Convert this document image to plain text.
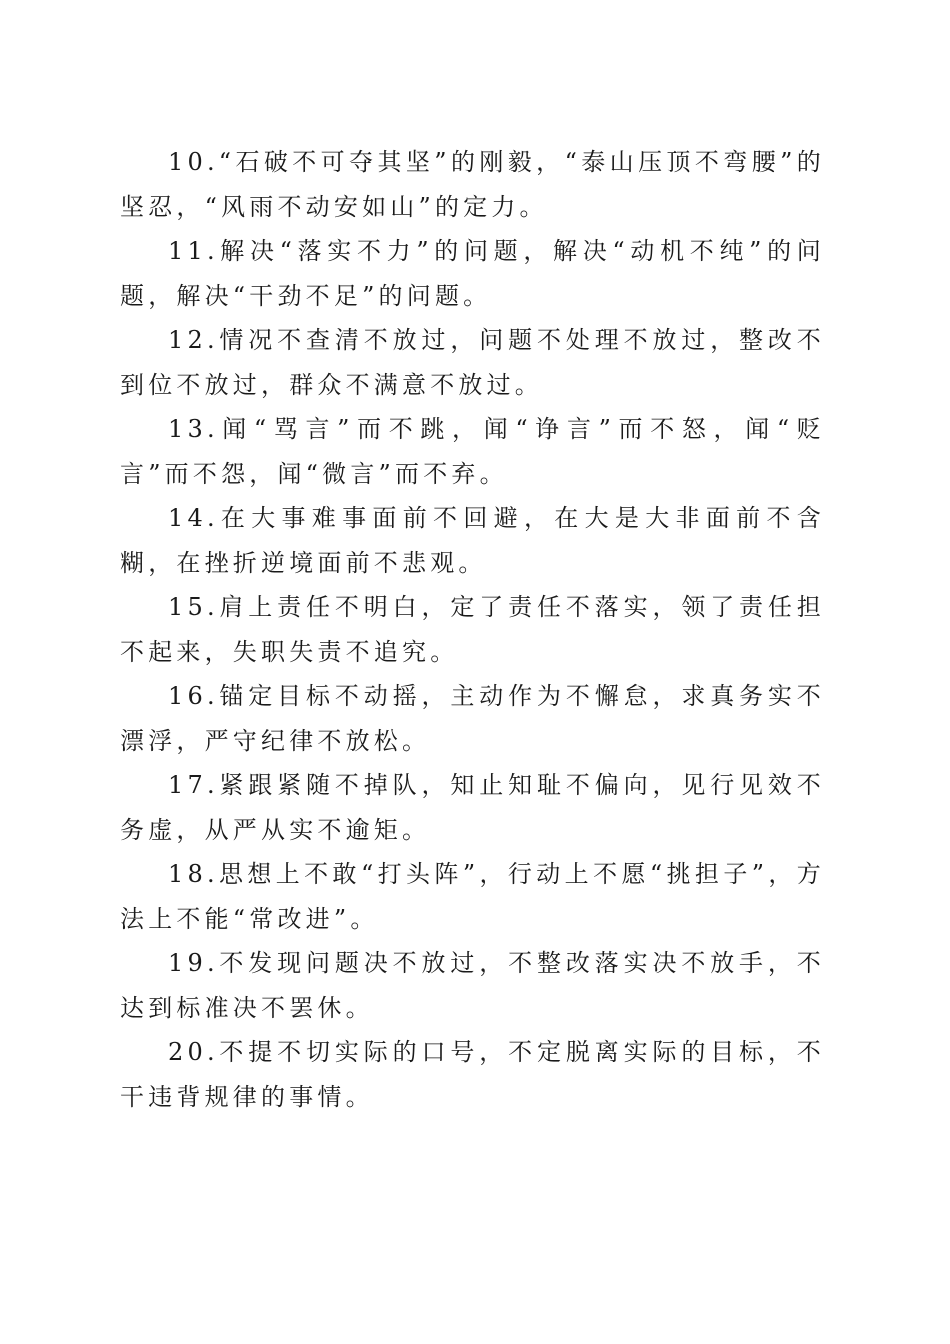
10.“石破不可夺其坚”的刚毅，“泰山压顶不弯腰”的坚忍，“风雨不动安如山”的定力。

11.解决“落实不力”的问题，解决“动机不纯”的问题，解决“干劲不足”的问题。

12.情况不查清不放过，问题不处理不放过，整改不到位不放过，群众不满意不放过。

13.闻“骂言”而不跳，闻“诤言”而不怒，闻“贬言”而不怨，闻“微言”而不弃。

14.在大事难事面前不回避，在大是大非面前不含糊，在挫折逆境面前不悲观。

15.肩上责任不明白，定了责任不落实，领了责任担不起来，失职失责不追究。

16.锚定目标不动摇，主动作为不懈怠，求真务实不漂浮，严守纪律不放松。

17.紧跟紧随不掉队，知止知耻不偏向，见行见效不务虚，从严从实不逾矩。

18.思想上不敢“打头阵”，行动上不愿“挑担子”，方法上不能“常改进”。

19.不发现问题决不放过，不整改落实决不放手，不达到标准决不罢休。

20.不提不切实际的口号，不定脱离实际的目标，不干违背规律的事情。
